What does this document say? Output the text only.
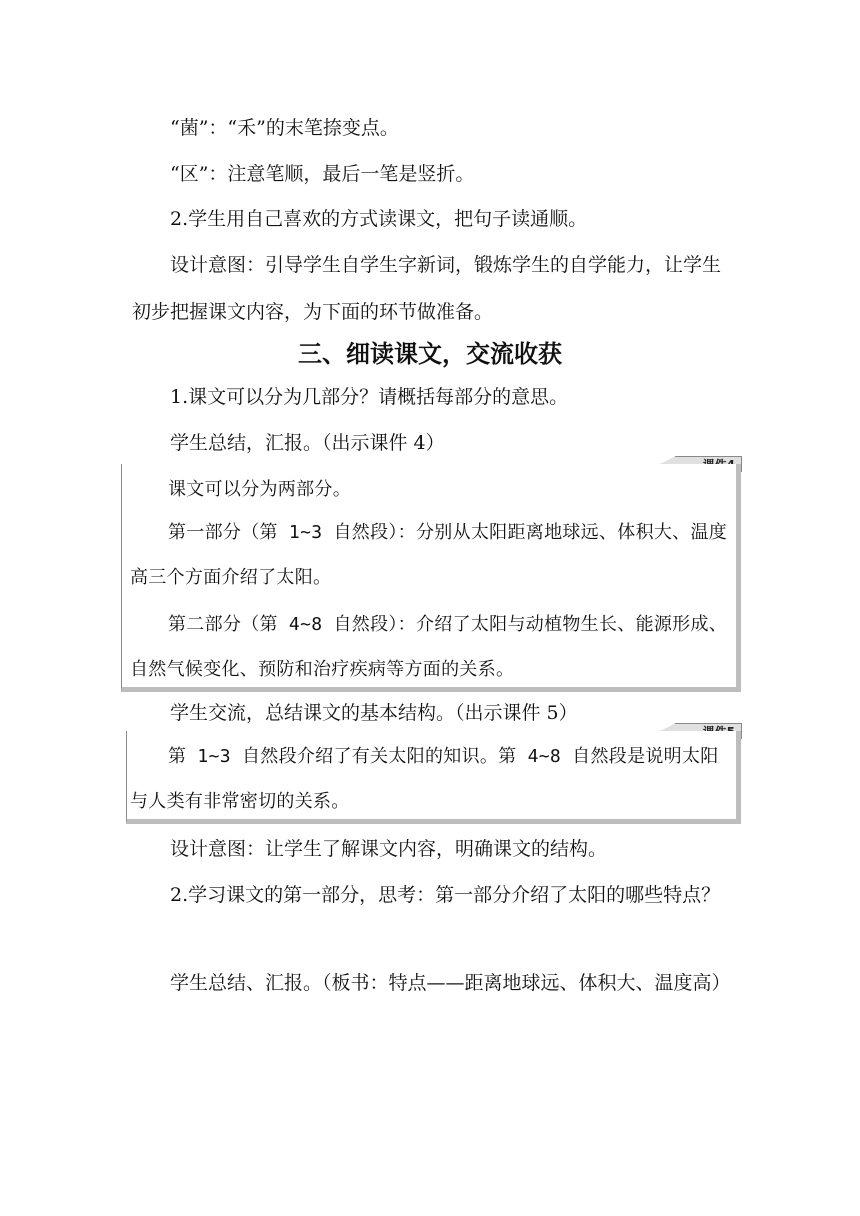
“菌”：“禾”的末笔捺变点。

“区”：注意笔顺，最后一笔是竖折。

2.学生用自己喜欢的方式读课文，把句子读通顺。

设计意图：引导学生自学生字新词，锻炼学生的自学能力，让学生初步把握课文内容，为下面的环节做准备。

三、细读课文，交流收获

1.课文可以分为几部分？请概括每部分的意思。

学生总结，汇报。（出示课件 4）

课文可以分为两部分。

第一部分（第 1~3 自然段）：分别从太阳距离地球远、体积大、温度高三个方面介绍了太阳。

第二部分（第 4~8 自然段）：介绍了太阳与动植物生长、能源形成、自然气候变化、预防和治疗疾病等方面的关系。

学生交流，总结课文的基本结构。（出示课件 5）

第 1~3 自然段介绍了有关太阳的知识。第 4~8 自然段是说明太阳与人类有非常密切的关系。

设计意图：让学生了解课文内容，明确课文的结构。

2.学习课文的第一部分，思考：第一部分介绍了太阳的哪些特点？

学生总结、汇报。（板书：特点——距离地球远、体积大、温度高）
